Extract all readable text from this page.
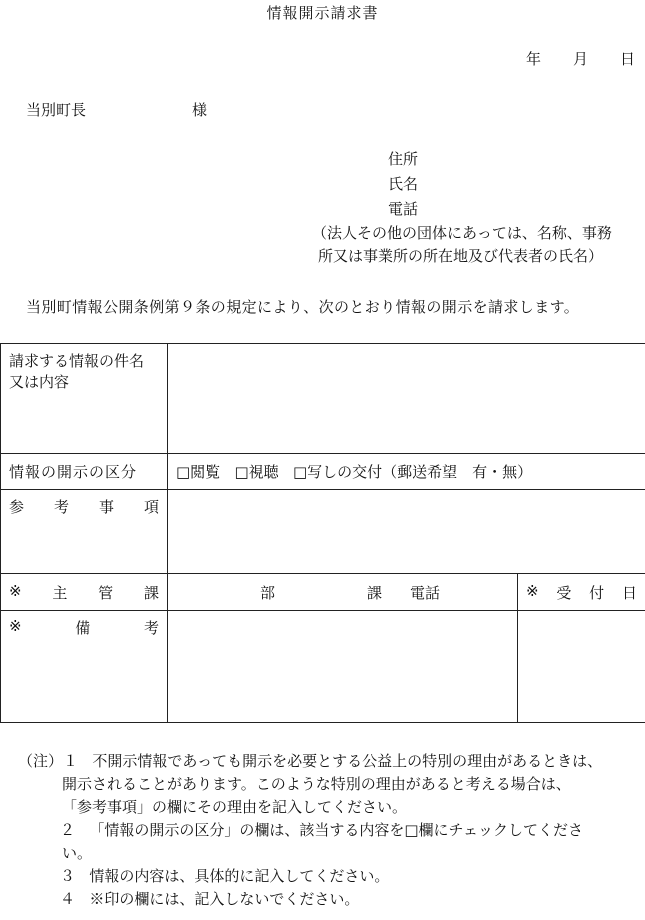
情報開示請求書
年 月 日
当別町長	様
住所
氏名
電話
（法人その他の団体にあっては、名称、事務
所又は事業所の所在地及び代表者の氏名）
当別町情報公開条例第９条の規定により、次のとおり情報の開示を請求します。
請求する情報の件名
又は内容		

情報の開示の区分	□閲覧 □視聴 □写しの交付（郵送希望　有・無）	

参 考 事 項		

※ 主 管 課	部 課 電話	※ 受 付 日

※ 備 考		

（注）１ 不開示情報であっても開示を必要とする公益上の特別の理由があるときは、
開示されることがあります。このような特別の理由があると考える場合は、
「参考事項」の欄にその理由を記入してください。
２ 「情報の開示の区分」の欄は、該当する内容を□欄にチェックしてくださ
い。
３ 情報の内容は、具体的に記入してください。
４ ※印の欄には、記入しないでください。
